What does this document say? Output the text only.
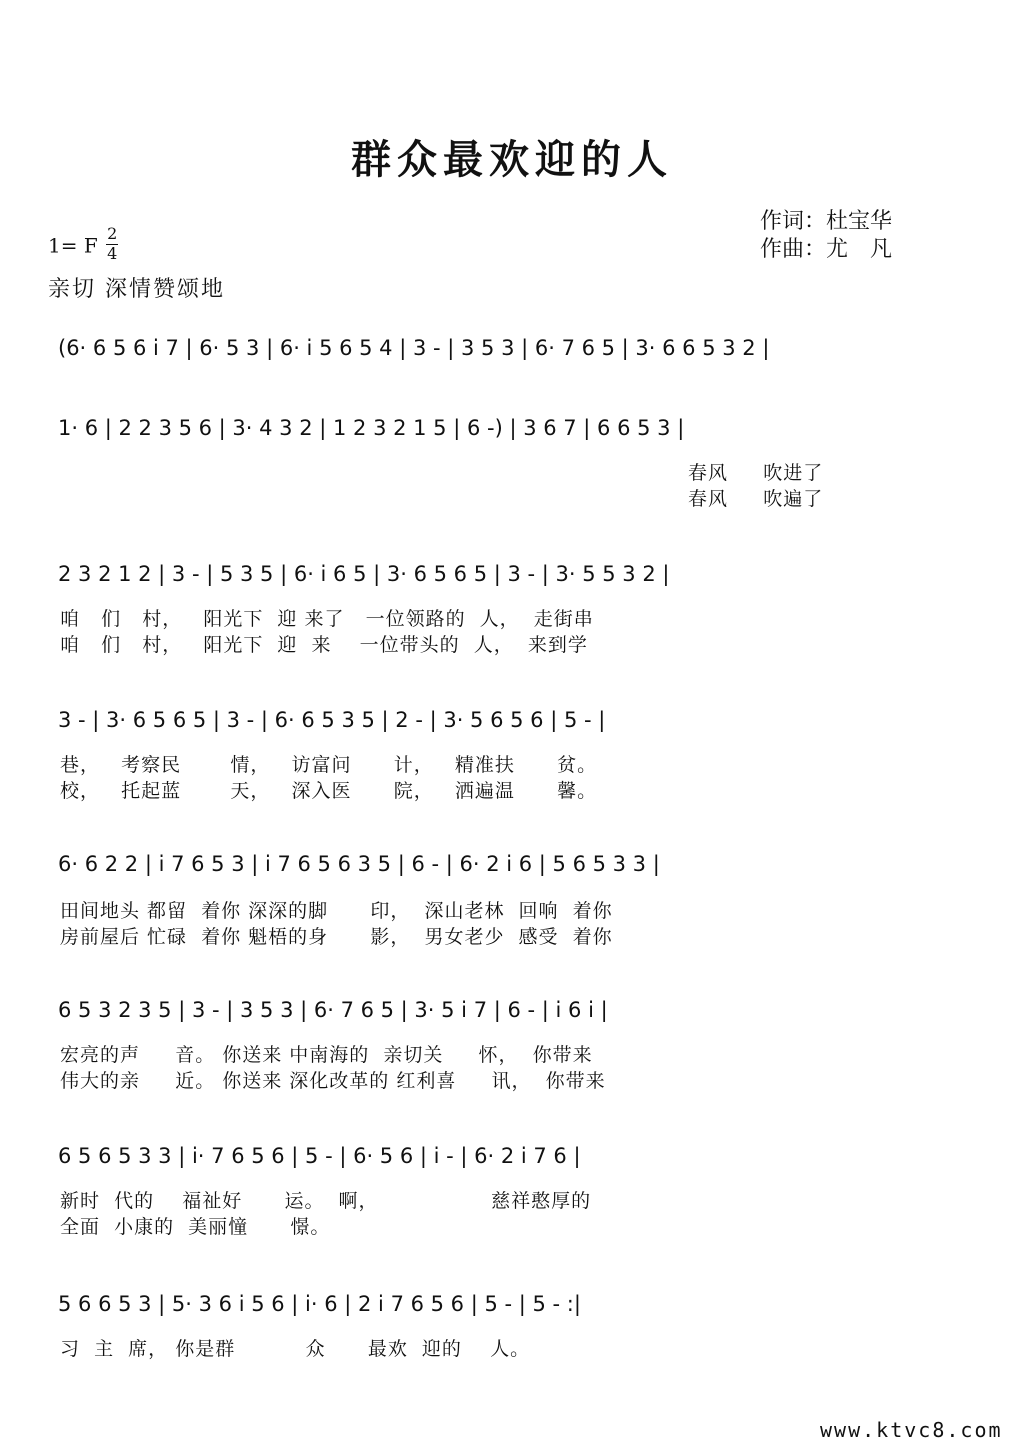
群众最欢迎的人
作词：杜宝华
作曲：尤　凡
1= F $\frac{2}{4}$
亲切 深情赞颂地
(6· 6 5 6 i 7 | 6· 5 3 | 6· i 5 6 5 4 | 3 - | 3 5 3 | 6· 7 6 5 | 3· 6 6 5 3 2 |
1· 6 | 2 2 3 5 6 | 3· 4 3 2 | 1 2 3 2 1 5 | 6 -) | 3 6 7 | 6 6 5 3 |
春风     吹进了
春风     吹遍了
2 3 2 1 2 | 3 - | 5 3 5 | 6· i 6 5 | 3· 6 5 6 5 | 3 - | 3· 5 5 3 2 |
咱   们   村，   阳光下  迎 来了   一位领路的  人，  走街串
咱   们   村，   阳光下  迎  来    一位带头的  人，  来到学
3 - | 3· 6 5 6 5 | 3 - | 6· 6 5 3 5 | 2 - | 3· 5 6 5 6 | 5 - |
巷，   考察民       情，   访富问      计，   精准扶      贫。
校，   托起蓝       天，   深入医      院，   洒遍温      馨。
6· 6 2 2 | i 7 6 5 3 | i 7 6 5 6 3 5 | 6 - | 6· 2 i 6 | 5 6 5 3 3 |
田间地头 都留  着你 深深的脚      印，  深山老林  回响  着你
房前屋后 忙碌  着你 魁梧的身      影，  男女老少  感受  着你
6 5 3 2 3 5 | 3 - | 3 5 3 | 6· 7 6 5 | 3· 5 i 7 | 6 - | i 6 i |
宏亮的声     音。 你送来 中南海的  亲切关     怀，  你带来
伟大的亲     近。 你送来 深化改革的 红利喜     讯，  你带来
6 5 6 5 3 3 | i· 7 6 5 6 | 5 - | 6· 5 6 | i - | 6· 2 i 7 6 |
新时  代的    福祉好      运。  啊，                慈祥憨厚的
全面  小康的  美丽憧      憬。
5 6 6 5 3 | 5· 3 6 i 5 6 | i· 6 | 2 i 7 6 5 6 | 5 - | 5 - :|
习  主  席， 你是群          众      最欢  迎的    人。
www.ktvc8.com
